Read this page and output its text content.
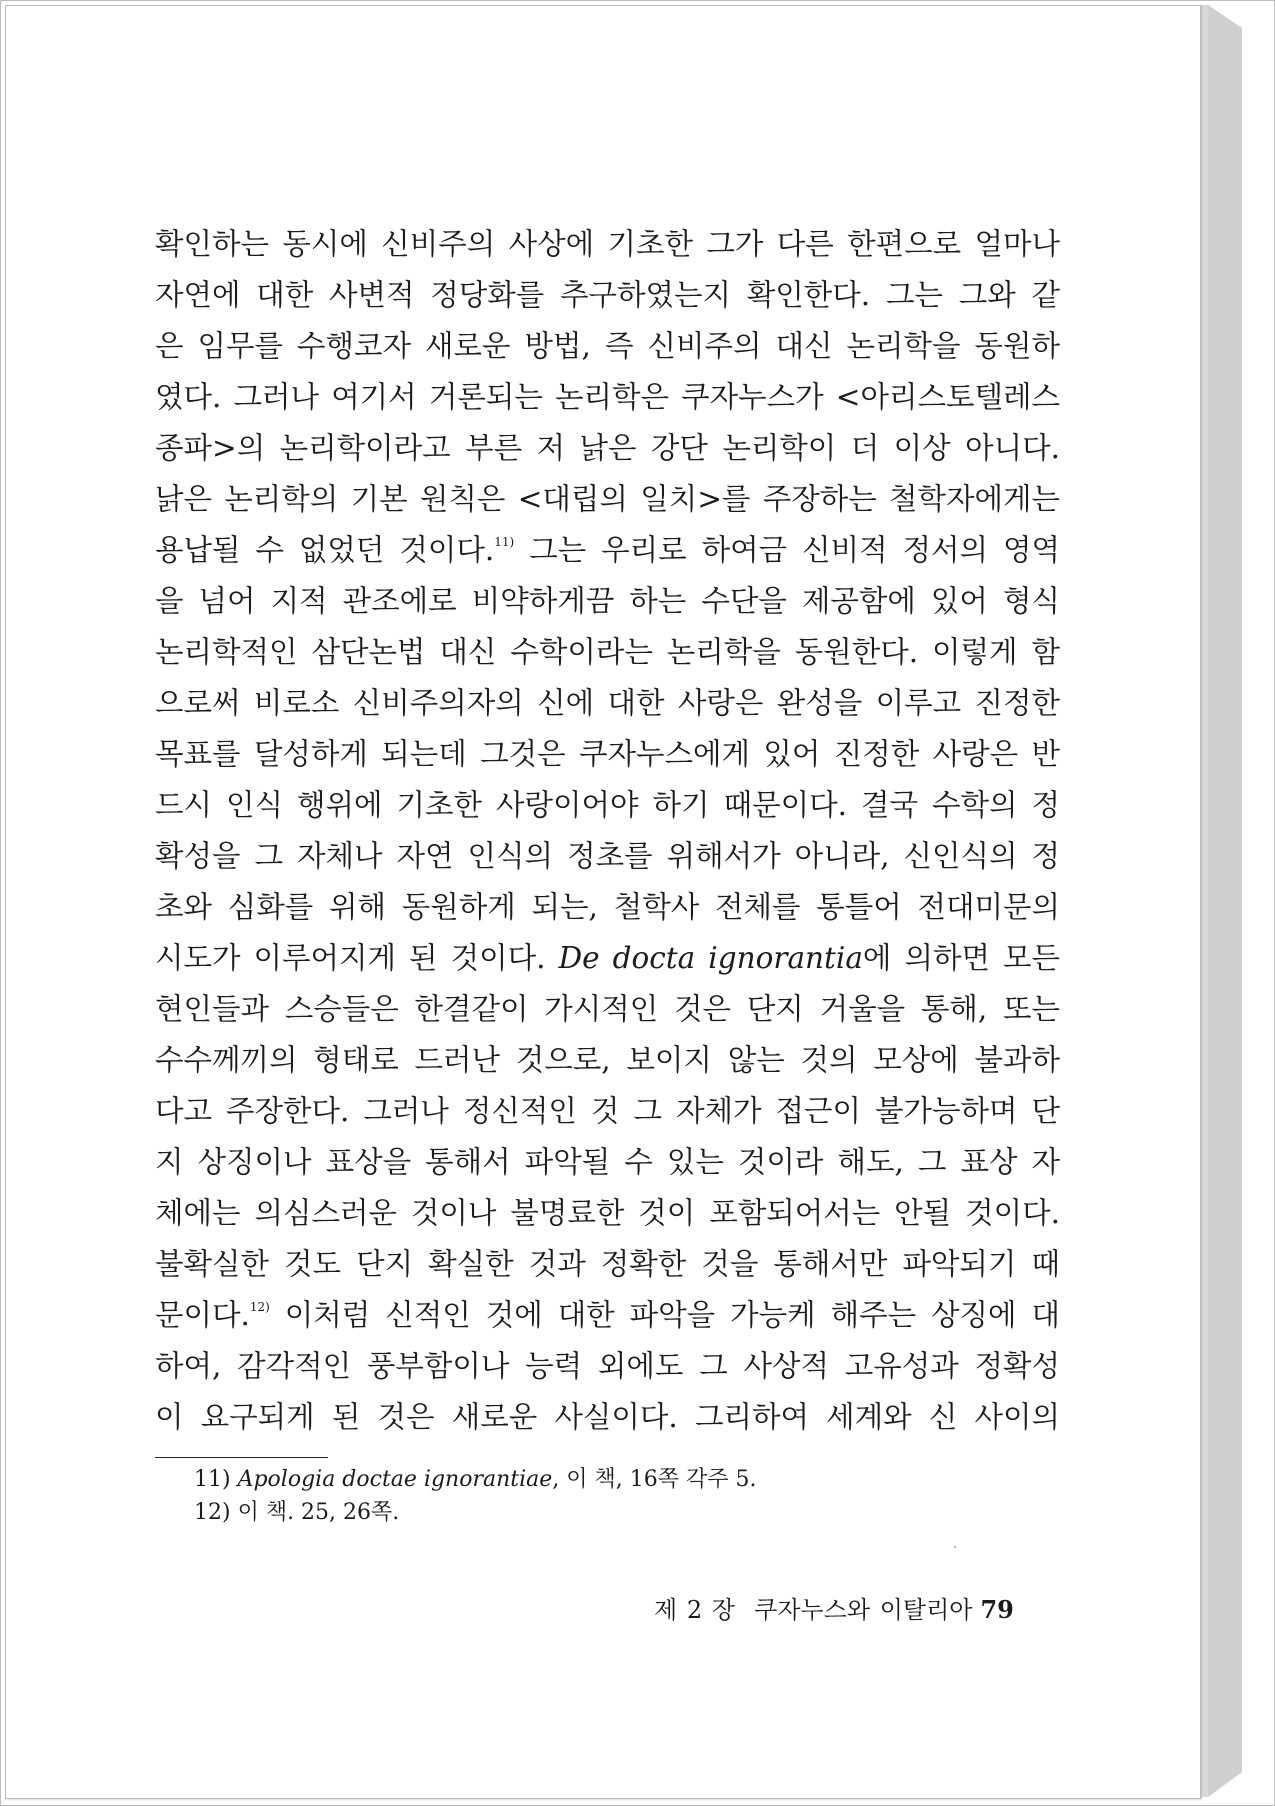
확인하는 동시에 신비주의 사상에 기초한 그가 다른 한편으로 얼마나
자연에 대한 사변적 정당화를 추구하였는지 확인한다. 그는 그와 같
은 임무를 수행코자 새로운 방법, 즉 신비주의 대신 논리학을 동원하
였다. 그러나 여기서 거론되는 논리학은 쿠자누스가 <아리스토텔레스
종파>의 논리학이라고 부른 저 낡은 강단 논리학이 더 이상 아니다.
낡은 논리학의 기본 원칙은 <대립의 일치>를 주장하는 철학자에게는
용납될 수 없었던 것이다.$^{11)}$ 그는 우리로 하여금 신비적 정서의 영역
을 넘어 지적 관조에로 비약하게끔 하는 수단을 제공함에 있어 형식
논리학적인 삼단논법 대신 수학이라는 논리학을 동원한다. 이렇게 함
으로써 비로소 신비주의자의 신에 대한 사랑은 완성을 이루고 진정한
목표를 달성하게 되는데 그것은 쿠자누스에게 있어 진정한 사랑은 반
드시 인식 행위에 기초한 사랑이어야 하기 때문이다. 결국 수학의 정
확성을 그 자체나 자연 인식의 정초를 위해서가 아니라, 신인식의 정
초와 심화를 위해 동원하게 되는, 철학사 전체를 통틀어 전대미문의
시도가 이루어지게 된 것이다. De docta ignorantia에 의하면 모든
현인들과 스승들은 한결같이 가시적인 것은 단지 거울을 통해, 또는
수수께끼의 형태로 드러난 것으로, 보이지 않는 것의 모상에 불과하
다고 주장한다. 그러나 정신적인 것 그 자체가 접근이 불가능하며 단
지 상징이나 표상을 통해서 파악될 수 있는 것이라 해도, 그 표상 자
체에는 의심스러운 것이나 불명료한 것이 포함되어서는 안될 것이다.
불확실한 것도 단지 확실한 것과 정확한 것을 통해서만 파악되기 때
문이다.$^{12)}$ 이처럼 신적인 것에 대한 파악을 가능케 해주는 상징에 대
하여, 감각적인 풍부함이나 능력 외에도 그 사상적 고유성과 정확성
이 요구되게 된 것은 새로운 사실이다. 그리하여 세계와 신 사이의
11) Apologia doctae ignorantiae, 이 책, 16쪽 각주 5.
12) 이 책. 25, 26쪽.
제 2 장 쿠자누스와 이탈리아 79
